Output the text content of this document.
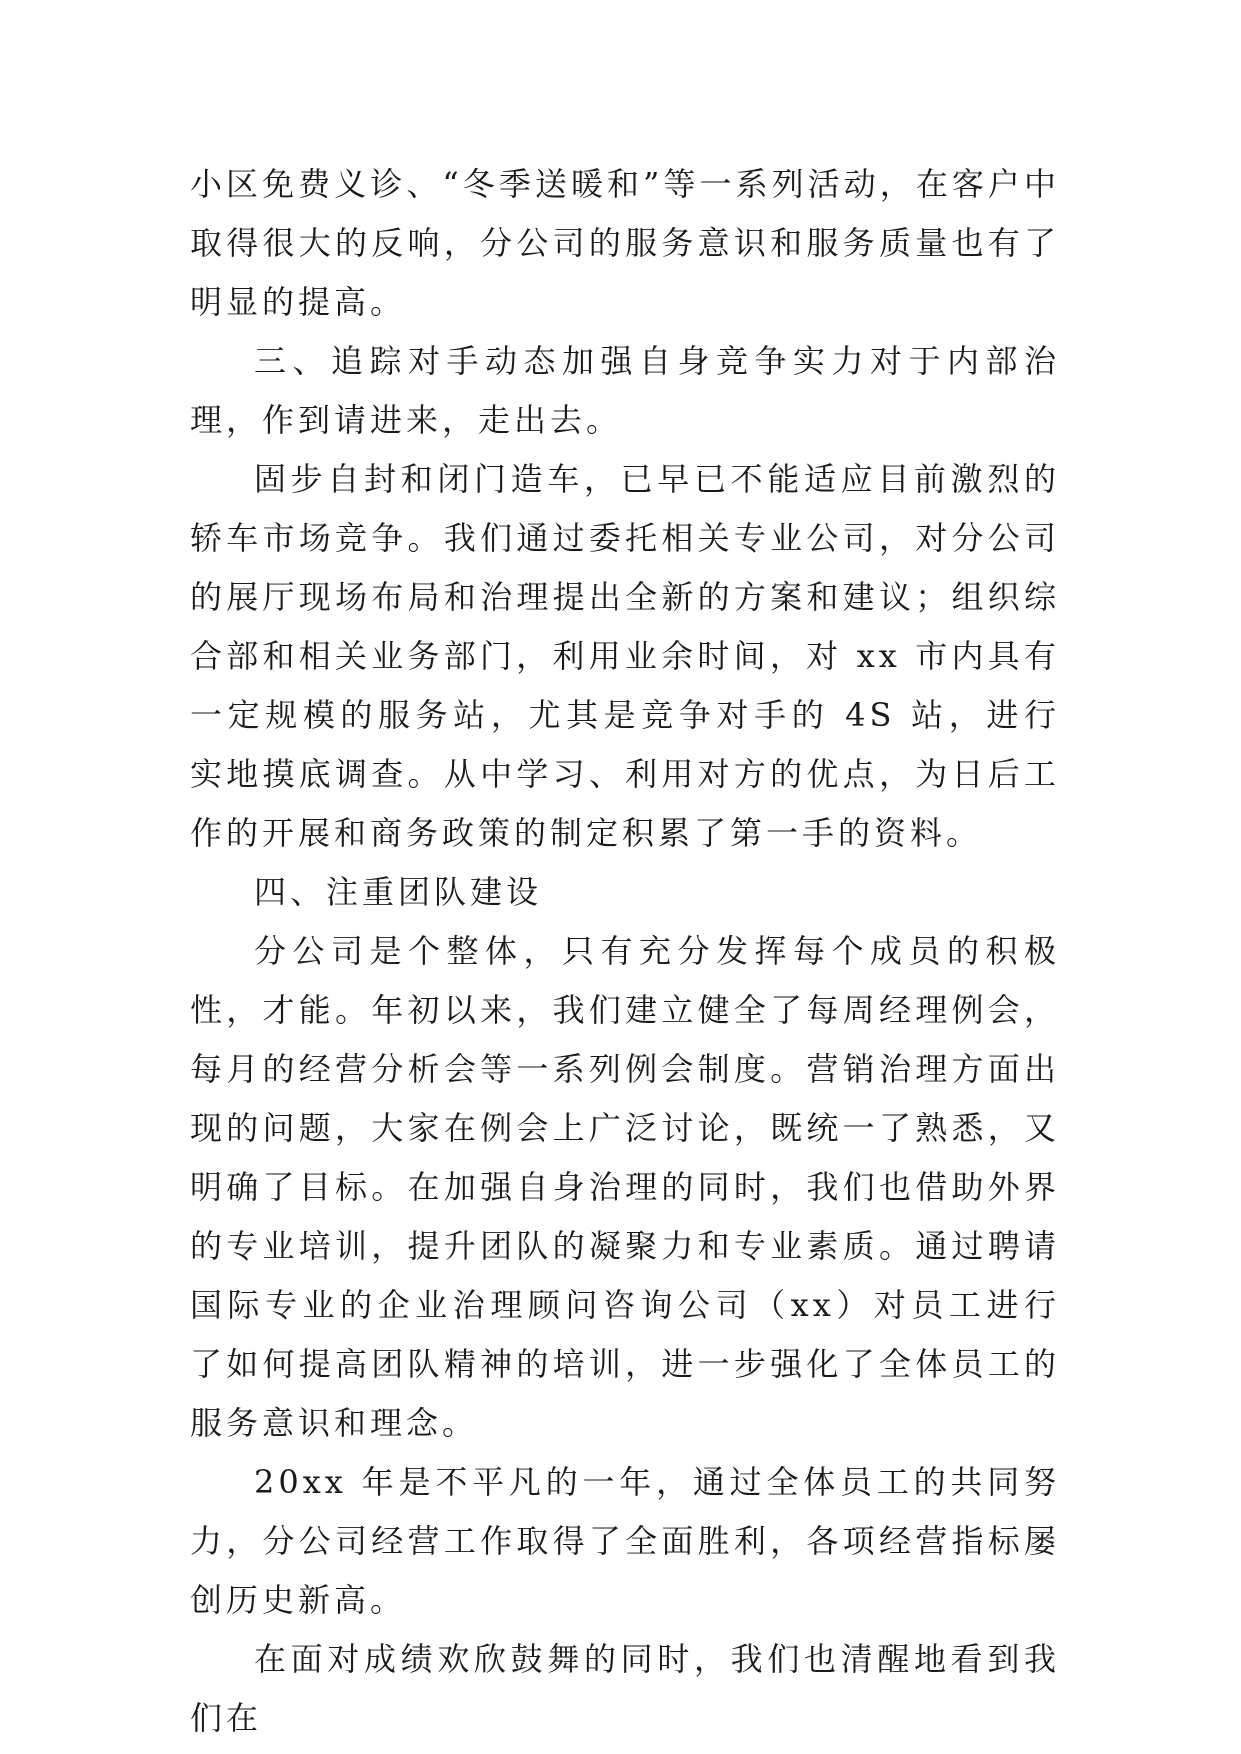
小区免费义诊、“冬季送暖和”等一系列活动，在客户中取得很大的反响，分公司的服务意识和服务质量也有了明显的提高。

三、追踪对手动态加强自身竞争实力对于内部治理，作到请进来，走出去。

固步自封和闭门造车，已早已不能适应目前激烈的轿车市场竞争。我们通过委托相关专业公司，对分公司的展厅现场布局和治理提出全新的方案和建议；组织综合部和相关业务部门，利用业余时间，对 xx 市内具有一定规模的服务站，尤其是竞争对手的 4S 站，进行实地摸底调查。从中学习、利用对方的优点，为日后工作的开展和商务政策的制定积累了第一手的资料。

四、注重团队建设

分公司是个整体，只有充分发挥每个成员的积极性，才能。年初以来，我们建立健全了每周经理例会，每月的经营分析会等一系列例会制度。营销治理方面出现的问题，大家在例会上广泛讨论，既统一了熟悉，又明确了目标。在加强自身治理的同时，我们也借助外界的专业培训，提升团队的凝聚力和专业素质。通过聘请国际专业的企业治理顾问咨询公司（xx）对员工进行了如何提高团队精神的培训，进一步强化了全体员工的服务意识和理念。

20xx 年是不平凡的一年，通过全体员工的共同努力，分公司经营工作取得了全面胜利，各项经营指标屡创历史新高。

在面对成绩欢欣鼓舞的同时，我们也清醒地看到我们在
